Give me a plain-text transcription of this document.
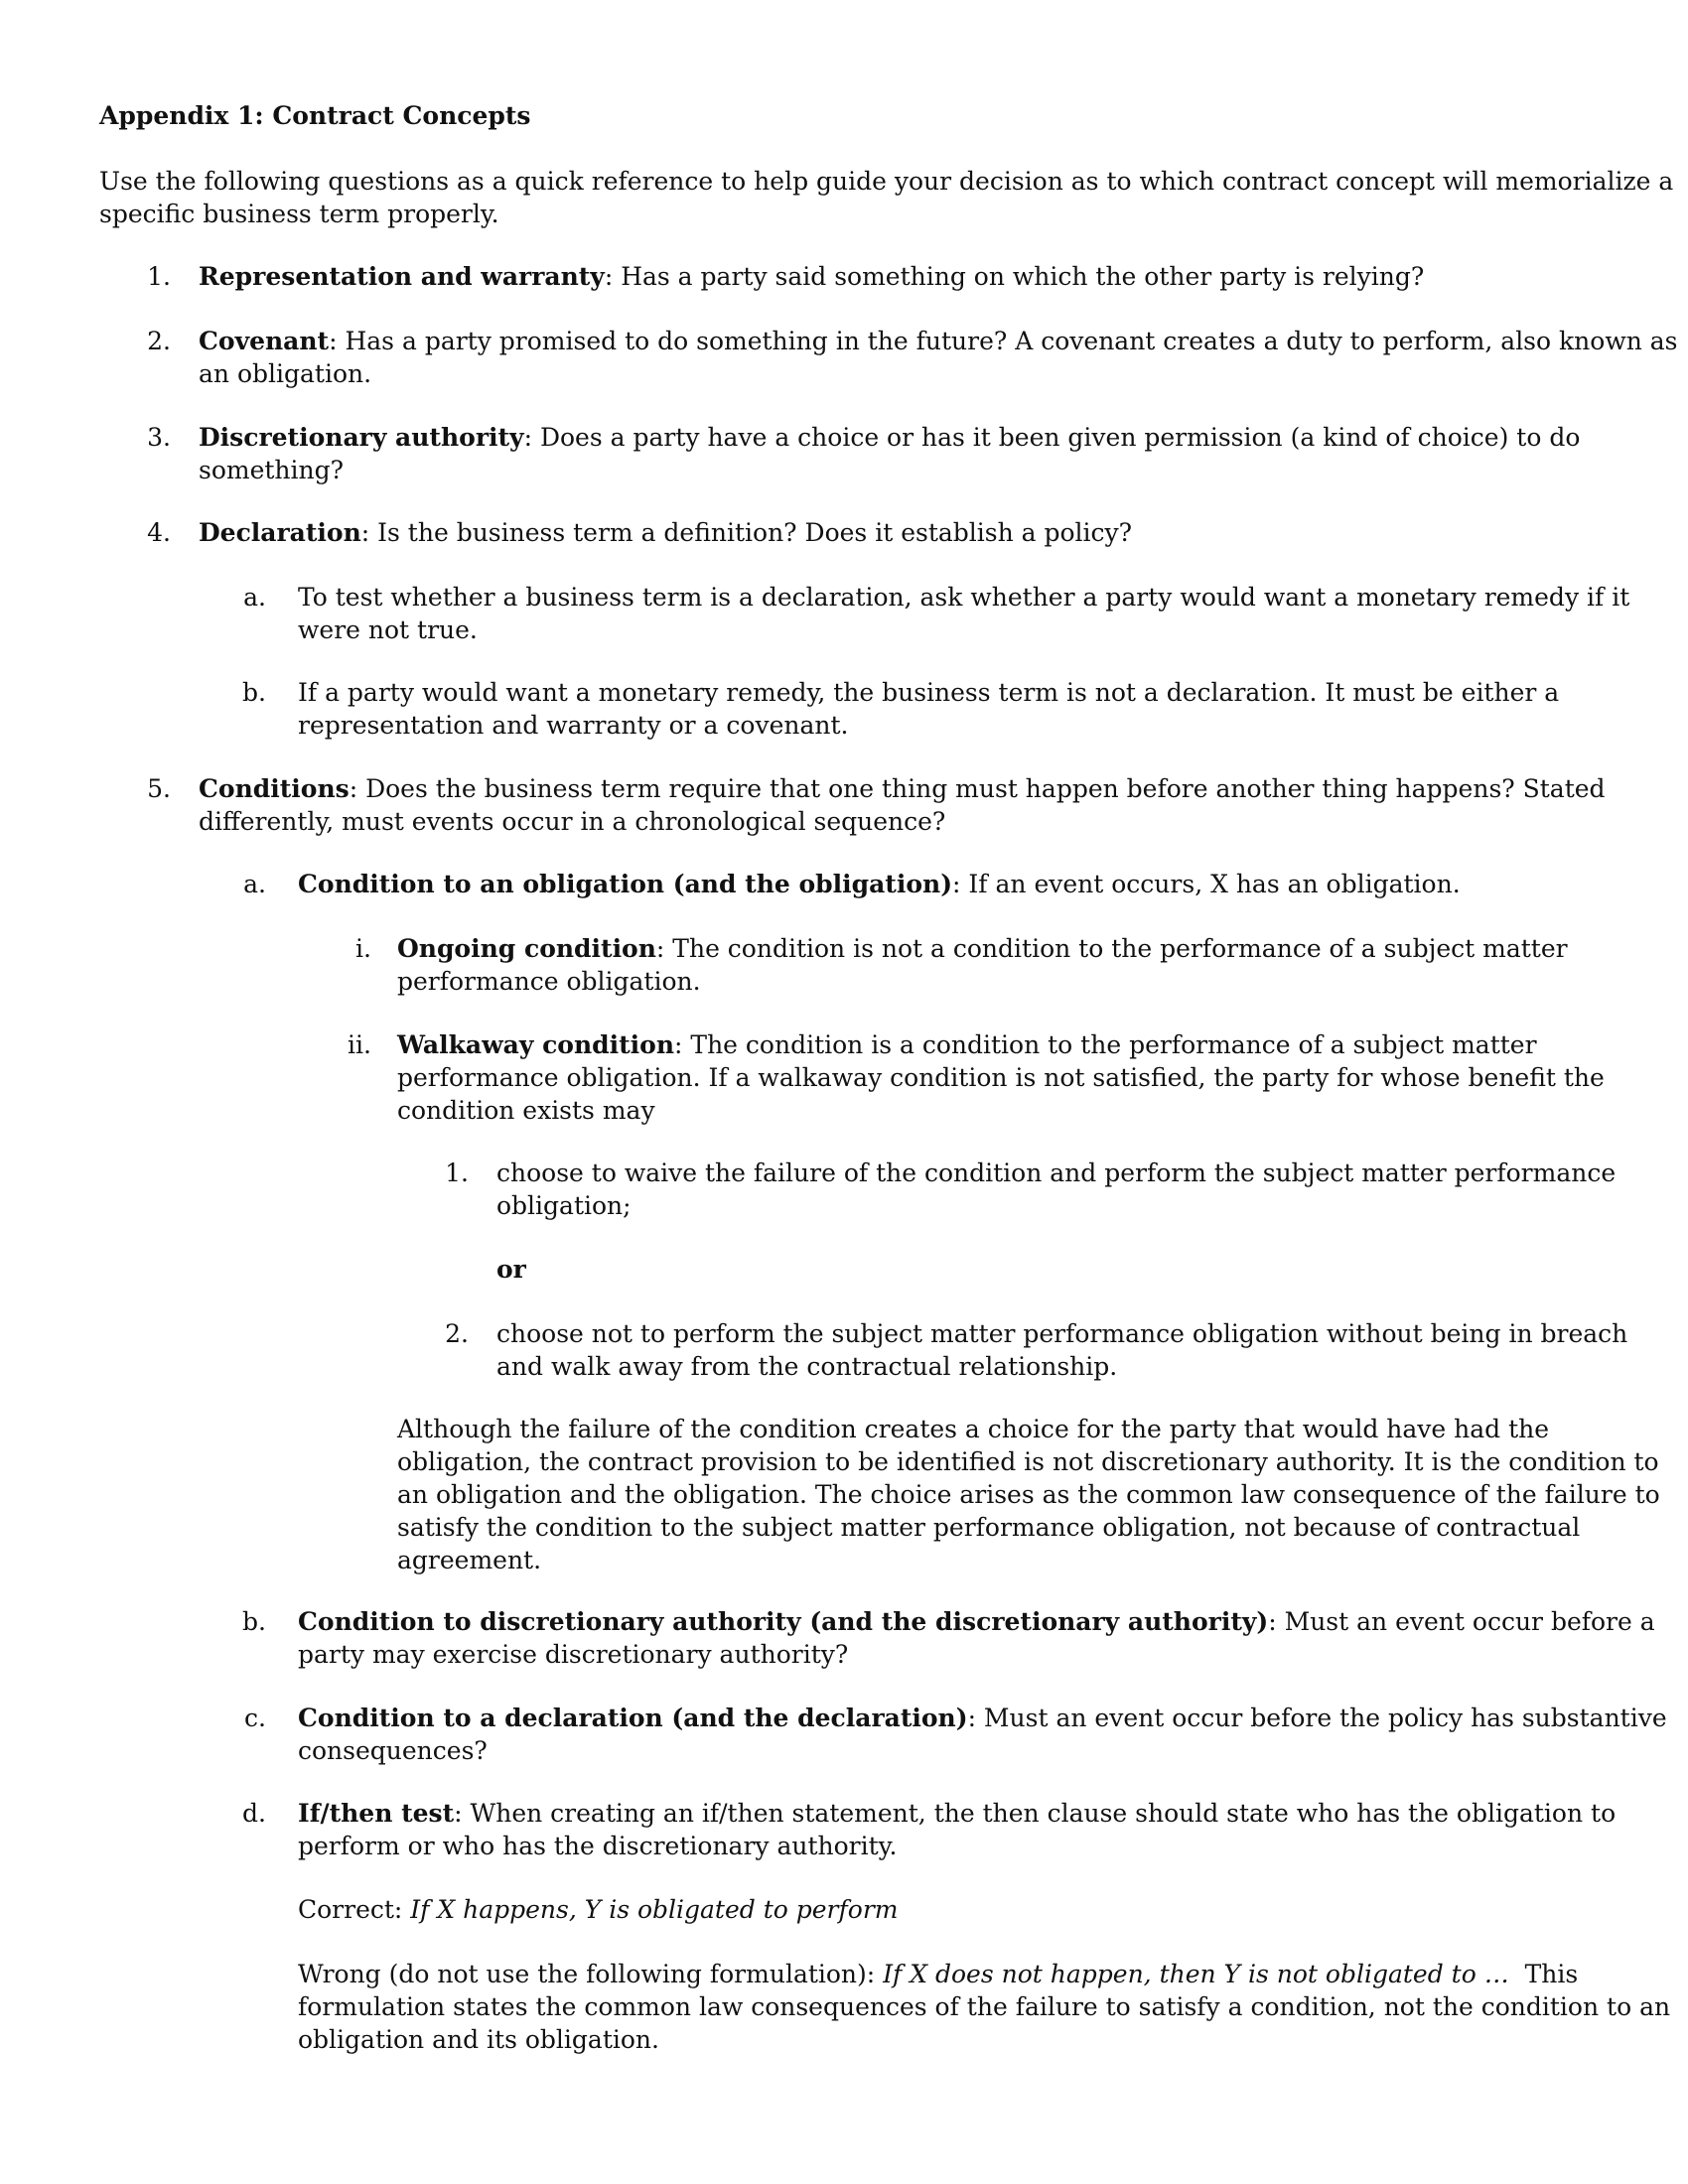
Appendix 1: Contract Concepts

Use the following questions as a quick reference to help guide your decision as to which contract concept will memorialize a
specific business term properly.

1. Representation and warranty: Has a party said something on which the other party is relying?

2. Covenant: Has a party promised to do something in the future? A covenant creates a duty to perform, also known as
an obligation.

3. Discretionary authority: Does a party have a choice or has it been given permission (a kind of choice) to do
something?

4. Declaration: Is the business term a definition? Does it establish a policy?

a. To test whether a business term is a declaration, ask whether a party would want a monetary remedy if it
were not true.

b. If a party would want a monetary remedy, the business term is not a declaration. It must be either a
representation and warranty or a covenant.

5. Conditions: Does the business term require that one thing must happen before another thing happens? Stated
differently, must events occur in a chronological sequence?

a. Condition to an obligation (and the obligation): If an event occurs, X has an obligation.

i. Ongoing condition: The condition is not a condition to the performance of a subject matter
performance obligation.

ii. Walkaway condition: The condition is a condition to the performance of a subject matter
performance obligation. If a walkaway condition is not satisfied, the party for whose benefit the
condition exists may

1. choose to waive the failure of the condition and perform the subject matter performance
obligation;

or

2. choose not to perform the subject matter performance obligation without being in breach
and walk away from the contractual relationship.
Although the failure of the condition creates a choice for the party that would have had the
obligation, the contract provision to be identified is not discretionary authority. It is the condition to
an obligation and the obligation. The choice arises as the common law consequence of the failure to
satisfy the condition to the subject matter performance obligation, not because of contractual
agreement.

b. Condition to discretionary authority (and the discretionary authority): Must an event occur before a
party may exercise discretionary authority?

c. Condition to a declaration (and the declaration): Must an event occur before the policy has substantive
consequences?

d. If/then test: When creating an if/then statement, the then clause should state who has the obligation to
perform or who has the discretionary authority.
Correct: If X happens, Y is obligated to perform
Wrong (do not use the following formulation): If X does not happen, then Y is not obligated to …  This
formulation states the common law consequences of the failure to satisfy a condition, not the condition to an
obligation and its obligation.
